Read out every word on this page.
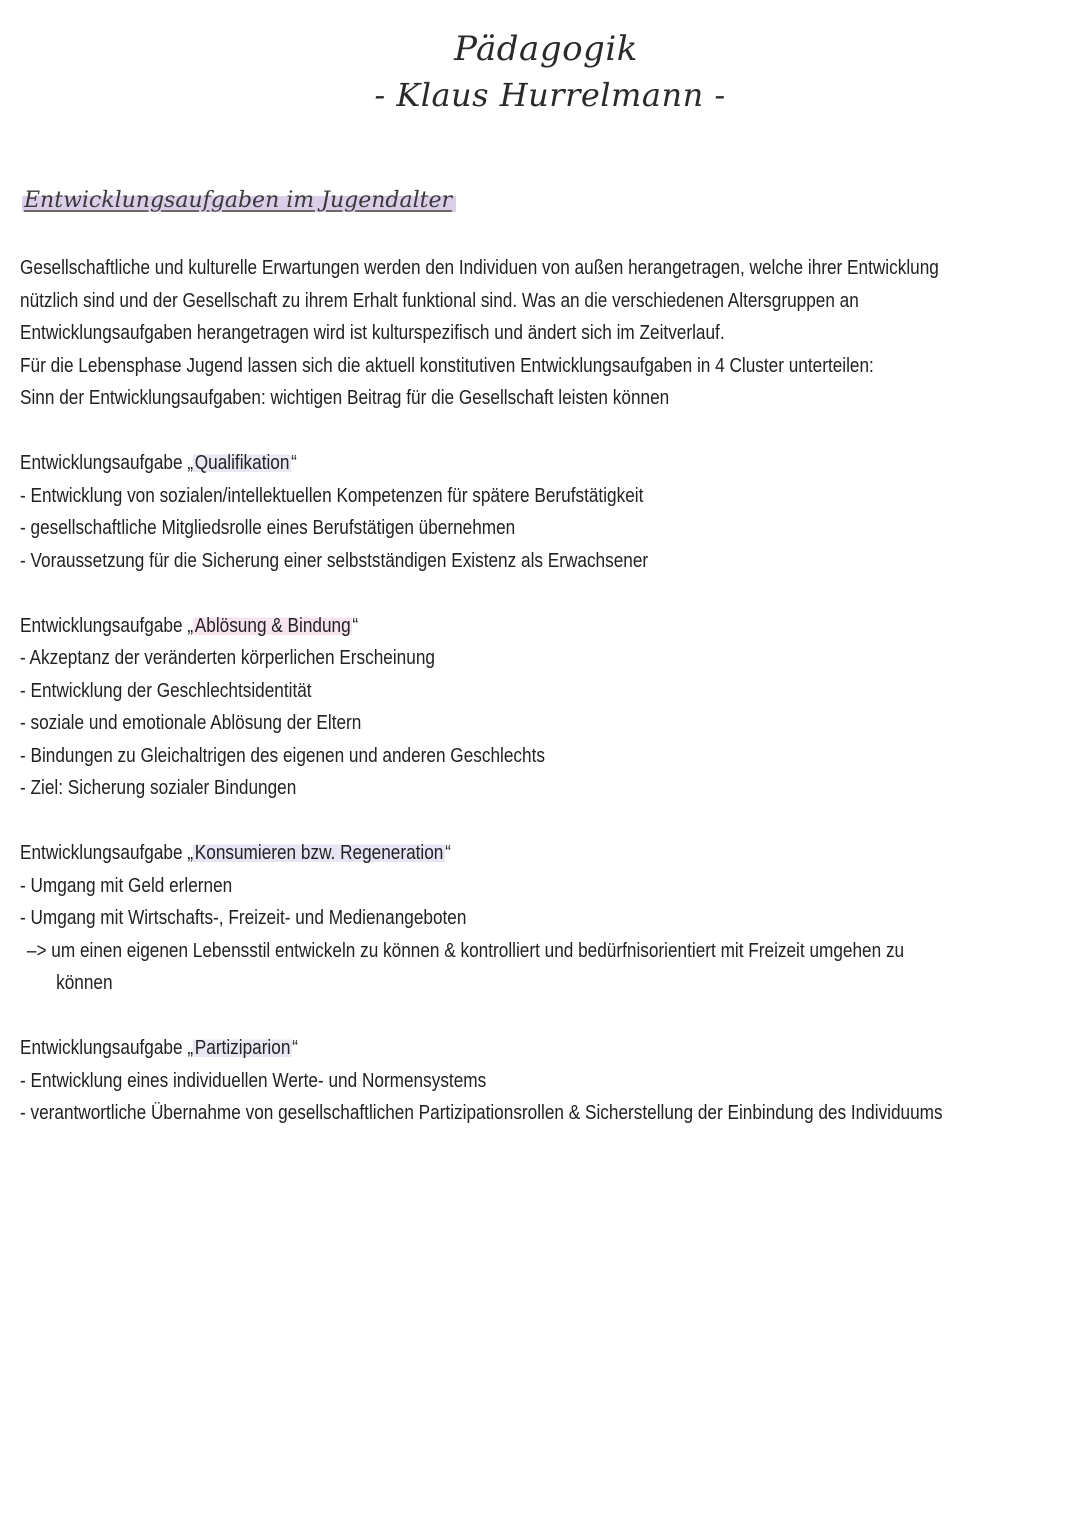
Pädagogik
- Klaus Hurrelmann -
Entwicklungsaufgaben im Jugendalter
Gesellschaftliche und kulturelle Erwartungen werden den Individuen von außen herangetragen, welche ihrer Entwicklung
nützlich sind und der Gesellschaft zu ihrem Erhalt funktional sind. Was an die verschiedenen Altersgruppen an
Entwicklungsaufgaben herangetragen wird ist kulturspezifisch und ändert sich im Zeitverlauf.
Für die Lebensphase Jugend lassen sich die aktuell konstitutiven Entwicklungsaufgaben in 4 Cluster unterteilen:
Sinn der Entwicklungsaufgaben: wichtigen Beitrag für die Gesellschaft leisten können
Entwicklungsaufgabe „Qualifikation“
- Entwicklung von sozialen/intellektuellen Kompetenzen für spätere Berufstätigkeit
- gesellschaftliche Mitgliedsrolle eines Berufstätigen übernehmen
- Voraussetzung für die Sicherung einer selbstständigen Existenz als Erwachsener
Entwicklungsaufgabe „Ablösung & Bindung“
- Akzeptanz der veränderten körperlichen Erscheinung
- Entwicklung der Geschlechtsidentität
- soziale und emotionale Ablösung der Eltern
- Bindungen zu Gleichaltrigen des eigenen und anderen Geschlechts
- Ziel: Sicherung sozialer Bindungen
Entwicklungsaufgabe „Konsumieren bzw. Regeneration“
- Umgang mit Geld erlernen
- Umgang mit Wirtschafts-, Freizeit- und Medienangeboten
–> um einen eigenen Lebensstil entwickeln zu können & kontrolliert und bedürfnisorientiert mit Freizeit umgehen zu
können
Entwicklungsaufgabe „Partiziparion“
- Entwicklung eines individuellen Werte- und Normensystems
- verantwortliche Übernahme von gesellschaftlichen Partizipationsrollen & Sicherstellung der Einbindung des Individuums
